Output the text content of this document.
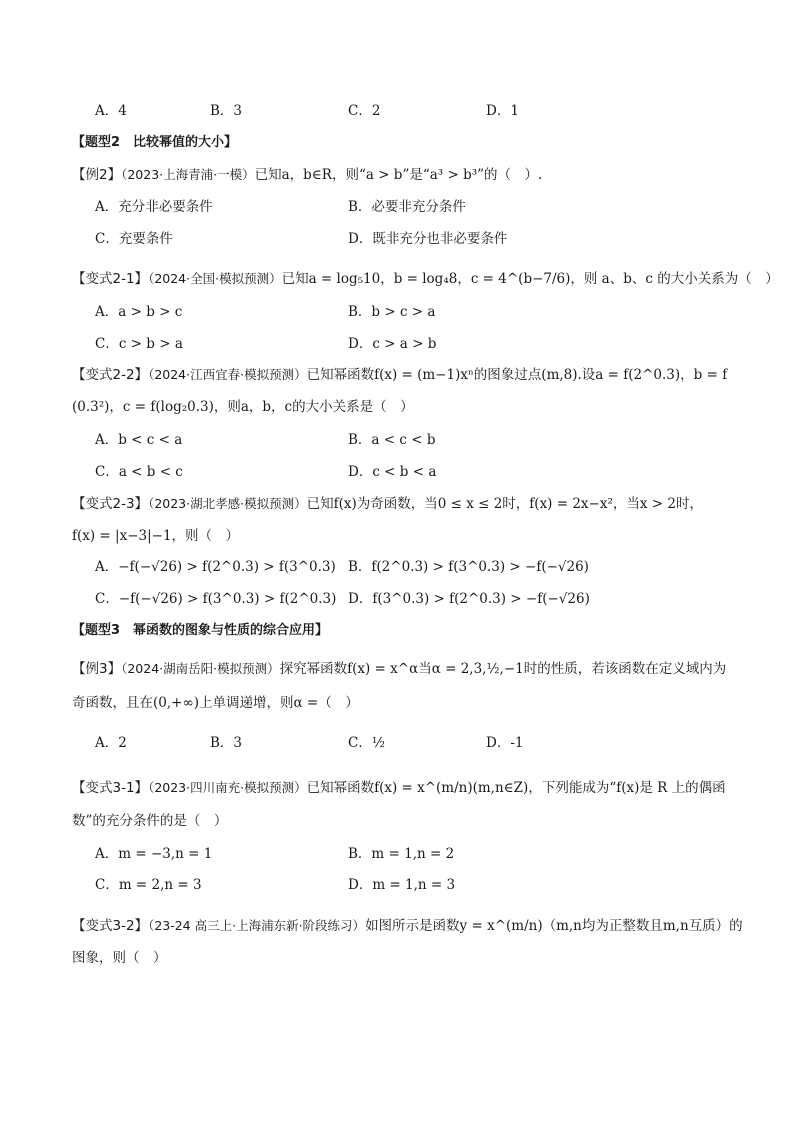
A．4	B．3	C．2	D．1
【题型2　比较幂值的大小】
【例2】（2023·上海青浦·一模）已知a，b∈R，则“a > b”是“a³ > b³”的（　）.
A．充分非必要条件	B．必要非充分条件
C．充要条件	D．既非充分也非必要条件
【变式2-1】（2024·全国·模拟预测）已知a = log₅10，b = log₄8，c = 4^(b−7/6)，则 a、b、c 的大小关系为（　）
A．a > b > c	B．b > c > a
C．c > b > a	D．c > a > b
【变式2-2】（2024·江西宜春·模拟预测）已知幂函数f(x) = (m−1)xⁿ的图象过点(m,8).设a = f(2^0.3)，b = f
(0.3²)，c = f(log₂0.3)，则a，b，c的大小关系是（　）
A．b < c < a	B．a < c < b
C．a < b < c	D．c < b < a
【变式2-3】（2023·湖北孝感·模拟预测）已知f(x)为奇函数，当0 ≤ x ≤ 2时，f(x) = 2x−x²，当x > 2时，
f(x) = |x−3|−1，则（　）
A．−f(−√26) > f(2^0.3) > f(3^0.3) B．f(2^0.3) > f(3^0.3) > −f(−√26)
C．−f(−√26) > f(3^0.3) > f(2^0.3) D．f(3^0.3) > f(2^0.3) > −f(−√26)
【题型3　幂函数的图象与性质的综合应用】
【例3】（2024·湖南岳阳·模拟预测）探究幂函数f(x) = x^α当α = 2,3,½,−1时的性质，若该函数在定义域内为
奇函数，且在(0,+∞)上单调递增，则α =（　）
A．2	B．3	C．½	D．-1
【变式3-1】（2023·四川南充·模拟预测）已知幂函数f(x) = x^(m/n)(m,n∈Z)，下列能成为“f(x)是 R 上的偶函
数”的充分条件的是（　）
A．m = −3,n = 1	B．m = 1,n = 2
C．m = 2,n = 3	D．m = 1,n = 3
【变式3-2】（23-24 高三上·上海浦东新·阶段练习）如图所示是函数y = x^(m/n)（m,n均为正整数且m,n互质）的
图象，则（　）
